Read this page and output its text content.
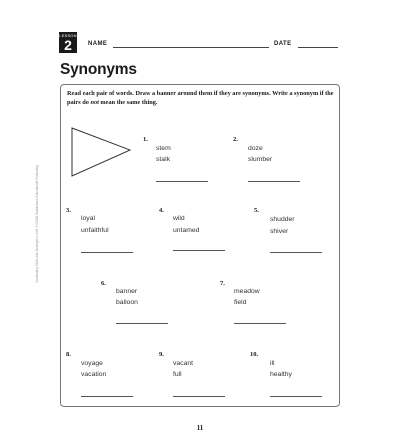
LESSON
2	NAME	DATE
Synonyms
Vocabulary Skills and Strategies Level 3 ©2010 Saddleback Educational Publishing
Read each pair of words. Draw a banner around them if they are synonyms. Write a synonym if the pairs do not mean the same thing.
1.
stem
stalk
2.
doze
slumber
3.
loyal
unfaithful
4.
wild
untamed
5.
shudder
shiver
6.
banner
balloon
7.
meadow
field
8.
voyage
vacation
9.
vacant
full
10.
ill
healthy
11
